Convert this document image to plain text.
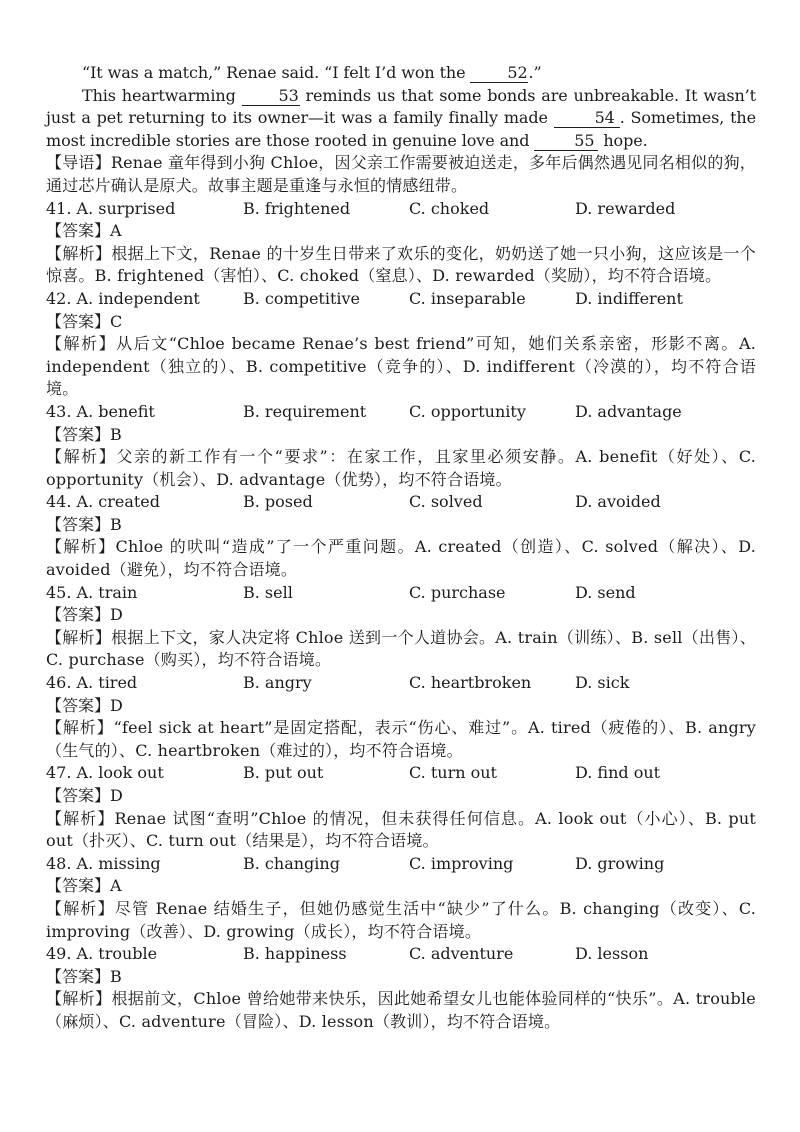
“It was a match,” Renae said. “I felt I’d won the 52.”
This heartwarming 53 reminds us that some bonds are unbreakable. It wasn’t just a pet returning to its owner—it was a family finally made	54 . Sometimes, the most incredible stories are those rooted in genuine love and 55 hope.
【导语】Renae 童年得到小狗 Chloe，因父亲工作需要被迫送走，多年后偶然遇见同名相似的狗，通过芯片确认是原犬。故事主题是重逢与永恒的情感纽带。
41. A. surprised	B. frightened	C. choked	D. rewarded
【答案】A
【解析】根据上下文，Renae 的十岁生日带来了欢乐的变化，奶奶送了她一只小狗，这应该是一个惊喜。B. frightened（害怕）、C. choked（窒息）、D. rewarded（奖励），均不符合语境。
42. A. independent	B. competitive	C. inseparable	D. indifferent
【答案】C
【解析】从后文“Chloe became Renae’s best friend”可知，她们关系亲密，形影不离。A. independent（独立的）、B. competitive（竞争的）、D. indifferent（冷漠的），均不符合语境。
43. A. benefit	B. requirement	C. opportunity	D. advantage
【答案】B
【解析】父亲的新工作有一个“要求”：在家工作，且家里必须安静。A. benefit（好处）、C. opportunity（机会）、D. advantage（优势），均不符合语境。
44. A. created	B. posed	C. solved	D. avoided
【答案】B
【解析】Chloe 的吠叫“造成”了一个严重问题。A. created（创造）、C. solved（解决）、D. avoided（避免），均不符合语境。
45. A. train	B. sell	C. purchase	D. send
【答案】D
【解析】根据上下文，家人决定将 Chloe 送到一个人道协会。A. train（训练）、B. sell（出售）、C. purchase（购买），均不符合语境。
46. A. tired	B. angry	C. heartbroken	D. sick
【答案】D
【解析】“feel sick at heart”是固定搭配，表示“伤心、难过”。A. tired（疲倦的）、B. angry（生气的）、C. heartbroken（难过的），均不符合语境。
47. A. look out	B. put out	C. turn out	D. find out
【答案】D
【解析】Renae 试图“查明”Chloe 的情况，但未获得任何信息。A. look out（小心）、B. put out（扑灭）、C. turn out（结果是），均不符合语境。
48. A. missing	B. changing	C. improving	D. growing
【答案】A
【解析】尽管 Renae 结婚生子，但她仍感觉生活中“缺少”了什么。B. changing（改变）、C. improving（改善）、D. growing（成长），均不符合语境。
49. A. trouble	B. happiness	C. adventure	D. lesson
【答案】B
【解析】根据前文，Chloe 曾给她带来快乐，因此她希望女儿也能体验同样的“快乐”。A. trouble（麻烦）、C. adventure（冒险）、D. lesson（教训），均不符合语境。
